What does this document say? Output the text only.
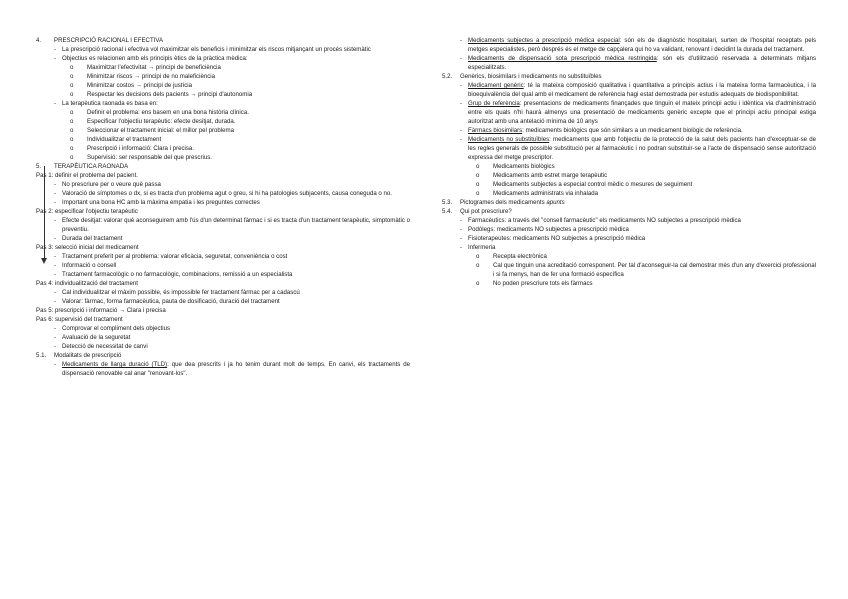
4. PRESCRIPCIÓ RACIONAL I EFECTIVA
- La prescripció racional i efectiva vol maximitzar els beneficis i minimitzar els riscos mitjançant un procés sistemàtic
- Objectius es relacionen amb els principis ètics de la pràctica mèdica:
o Maximitzar l'efectivitat → principi de beneficiència
o Minimitzar riscos → principi de no maleficiència
o Minimitzar costos → principi de justícia
o Respectar les decisions dels pacients → principi d'autonomia
- La terapèutica raonada es basa en:
o Definir el problema: ens basem en una bona història clínica.
o Especificar l'objectiu terapèutic: efecte desitjat, durada.
o Seleccionar el tractament inicial: el millor pel problema
o Individualitzar el tractament
o Prescripció i informació: Clara i precisa.
o Supervisió: ser responsable del que prescrius.
5. TERAPÈUTICA RAONADA
Pas 1: definir el problema del pacient.
- No prescriure per o veure què passa
- Valoració de símptomes o dx, si es tracta d'un problema agut o greu, si hi ha patologies subjacents, causa coneguda o no.
- Important una bona HC amb la màxima empatia i les preguntes correctes
Pas 2: especificar l'objectiu terapèutic
- Efecte desitjat: valorar què aconseguirem amb l'ús d'un determinat fàrmac i si es tracta d'un tractament terapèutic, simptomàtic o preventiu.
- Durada del tractament
Pas 3: selecció inicial del medicament
- Tractament preferit per al problema: valorar eficàcia, seguretat, conveniència o cost
- Informació o consell
- Tractament farmacològic o no farmacològic, combinacions, remissió a un especialista
Pas 4: individualització del tractament
- Cal individualitzar el màxim possible, és impossible fer tractament fàrmac per a cadascú
- Valorar: fàrmac, forma farmacèutica, pauta de dosificació, duració del tractament
Pas 5: prescripció i informació → Clara i precisa
Pas 6: supervisió del tractament
- Comprovar el compliment dels objectius
- Avaluació de la seguretat
- Detecció de necessitat de canvi
5.1. Modalitats de prescripció
- Medicaments de llarga duració (TLD): que dea prescrits i ja ho tenim durant molt de temps. En canvi, els tractaments de dispensació renovable cal anar "renovant-los".
- Medicaments subjectes a prescripció mèdica especial: són els de diagnòstic hospitalari, surten de l'hospital receptats pels metges especialistes, però després és el metge de capçalera qui ho va validant, renovant i decidint la durada del tractament.
- Medicaments de dispensació sota prescripció mèdica restringida: són els d'utilització reservada a determinats mitjans especialitzats.
5.2. Genèrics, biosimilars i medicaments no substituïbles
- Medicament genèric: té la mateixa composició qualitativa i quantitativa a principis actius i la mateixa forma farmacèutica, i la bioequivalència del qual amb el medicament de referència hagi estat demostrada per estudis adequats de biodisponibilitat.
- Grup de referència: presentacions de medicaments finançades que tinguin el mateix principi actiu i idèntica via d'administració entre els quals n'hi haurà almenys una presentació de medicaments genèric excepte que el principi actiu principal estiga autoritzat amb una antelació mínima de 10 anys
- Fàrmacs biosimilars: medicaments biològics que són similars a un medicament biològic de referència.
- Medicaments no substituïbles: medicaments que amb l'objectiu de la protecció de la salut dels pacients han d'exceptuar-se de les regles generals de possible substitució per al farmacèutic i no podran substituir-se a l'acte de dispensació sense autorització expressa del metge prescriptor.
o Medicaments biològics
o Medicaments amb estret marge terapèutic
o Medicaments subjectes a especial control mèdic o mesures de seguiment
o Medicaments administrats via inhalada
5.3. Pictogrames dels medicaments apunts
5.4. Qui pot prescriure?
- Farmacèutics: a través del "consell farmacèutic" els medicaments NO subjectes a prescripció mèdica
- Podòlegs: medicaments NO subjectes a prescripció mèdica
- Fisioterapeutes: medicaments NO subjectes a prescripció mèdica
- Infermeria
o Recepta electrònica
o Cal que tinguin una acreditació corresponent. Per tal d'aconseguir-la cal demostrar més d'un any d'exercici professional i si fa menys, han de fer una formació específica
o No poden prescriure tots els fàrmacs
